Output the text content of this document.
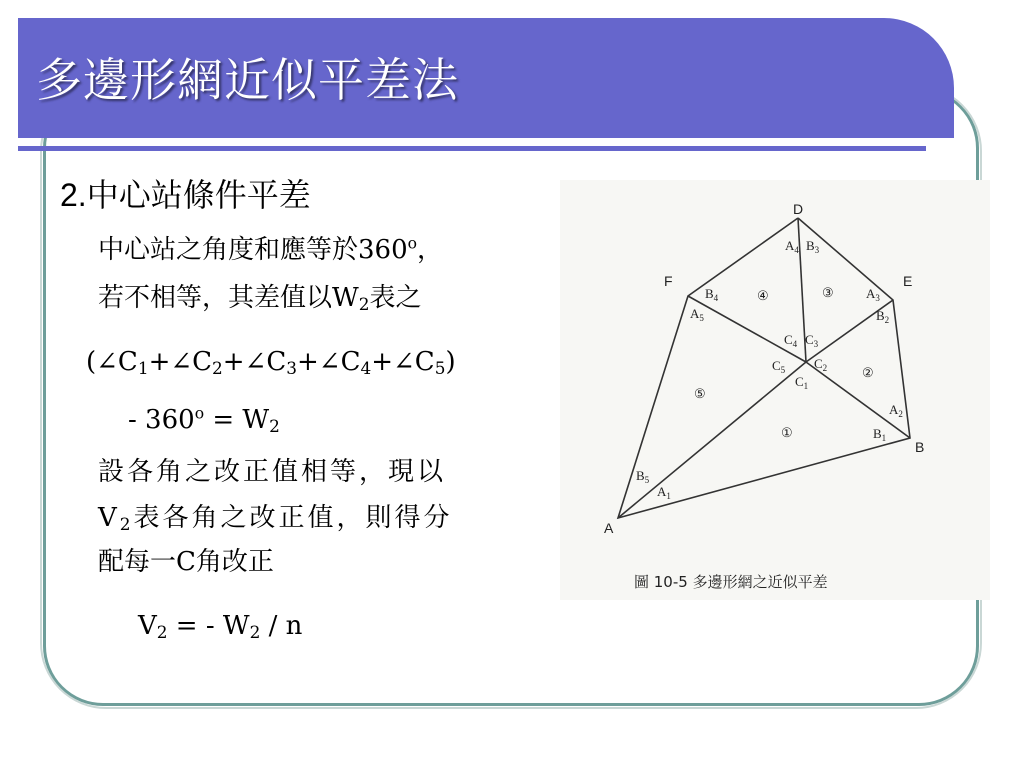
多邊形網近似平差法
2.中心站條件平差
中心站之角度和應等於360$^o$，
若不相等，其差值以$W_2$表之
$(\angle C_1+\angle C_2+\angle C_3+\angle C_4+\angle C_5)$
- $360^o = W_2$
設各角之改正值相等，現以
$V_2$表各角之改正值，則得分
配每一C角改正
$V_2$ = - $W_2$ / n
D
E
F
B
A
$A_4$ $B_3$
$B_4$
$A_5$
$A_3$
$B_2$
$C_4$ $C_3$
$C_5$ $C_2$
$C_1$
$A_2$
$B_1$
$B_5$
$A_1$
①
②
③
④
⑤
圖 10-5 多邊形網之近似平差
